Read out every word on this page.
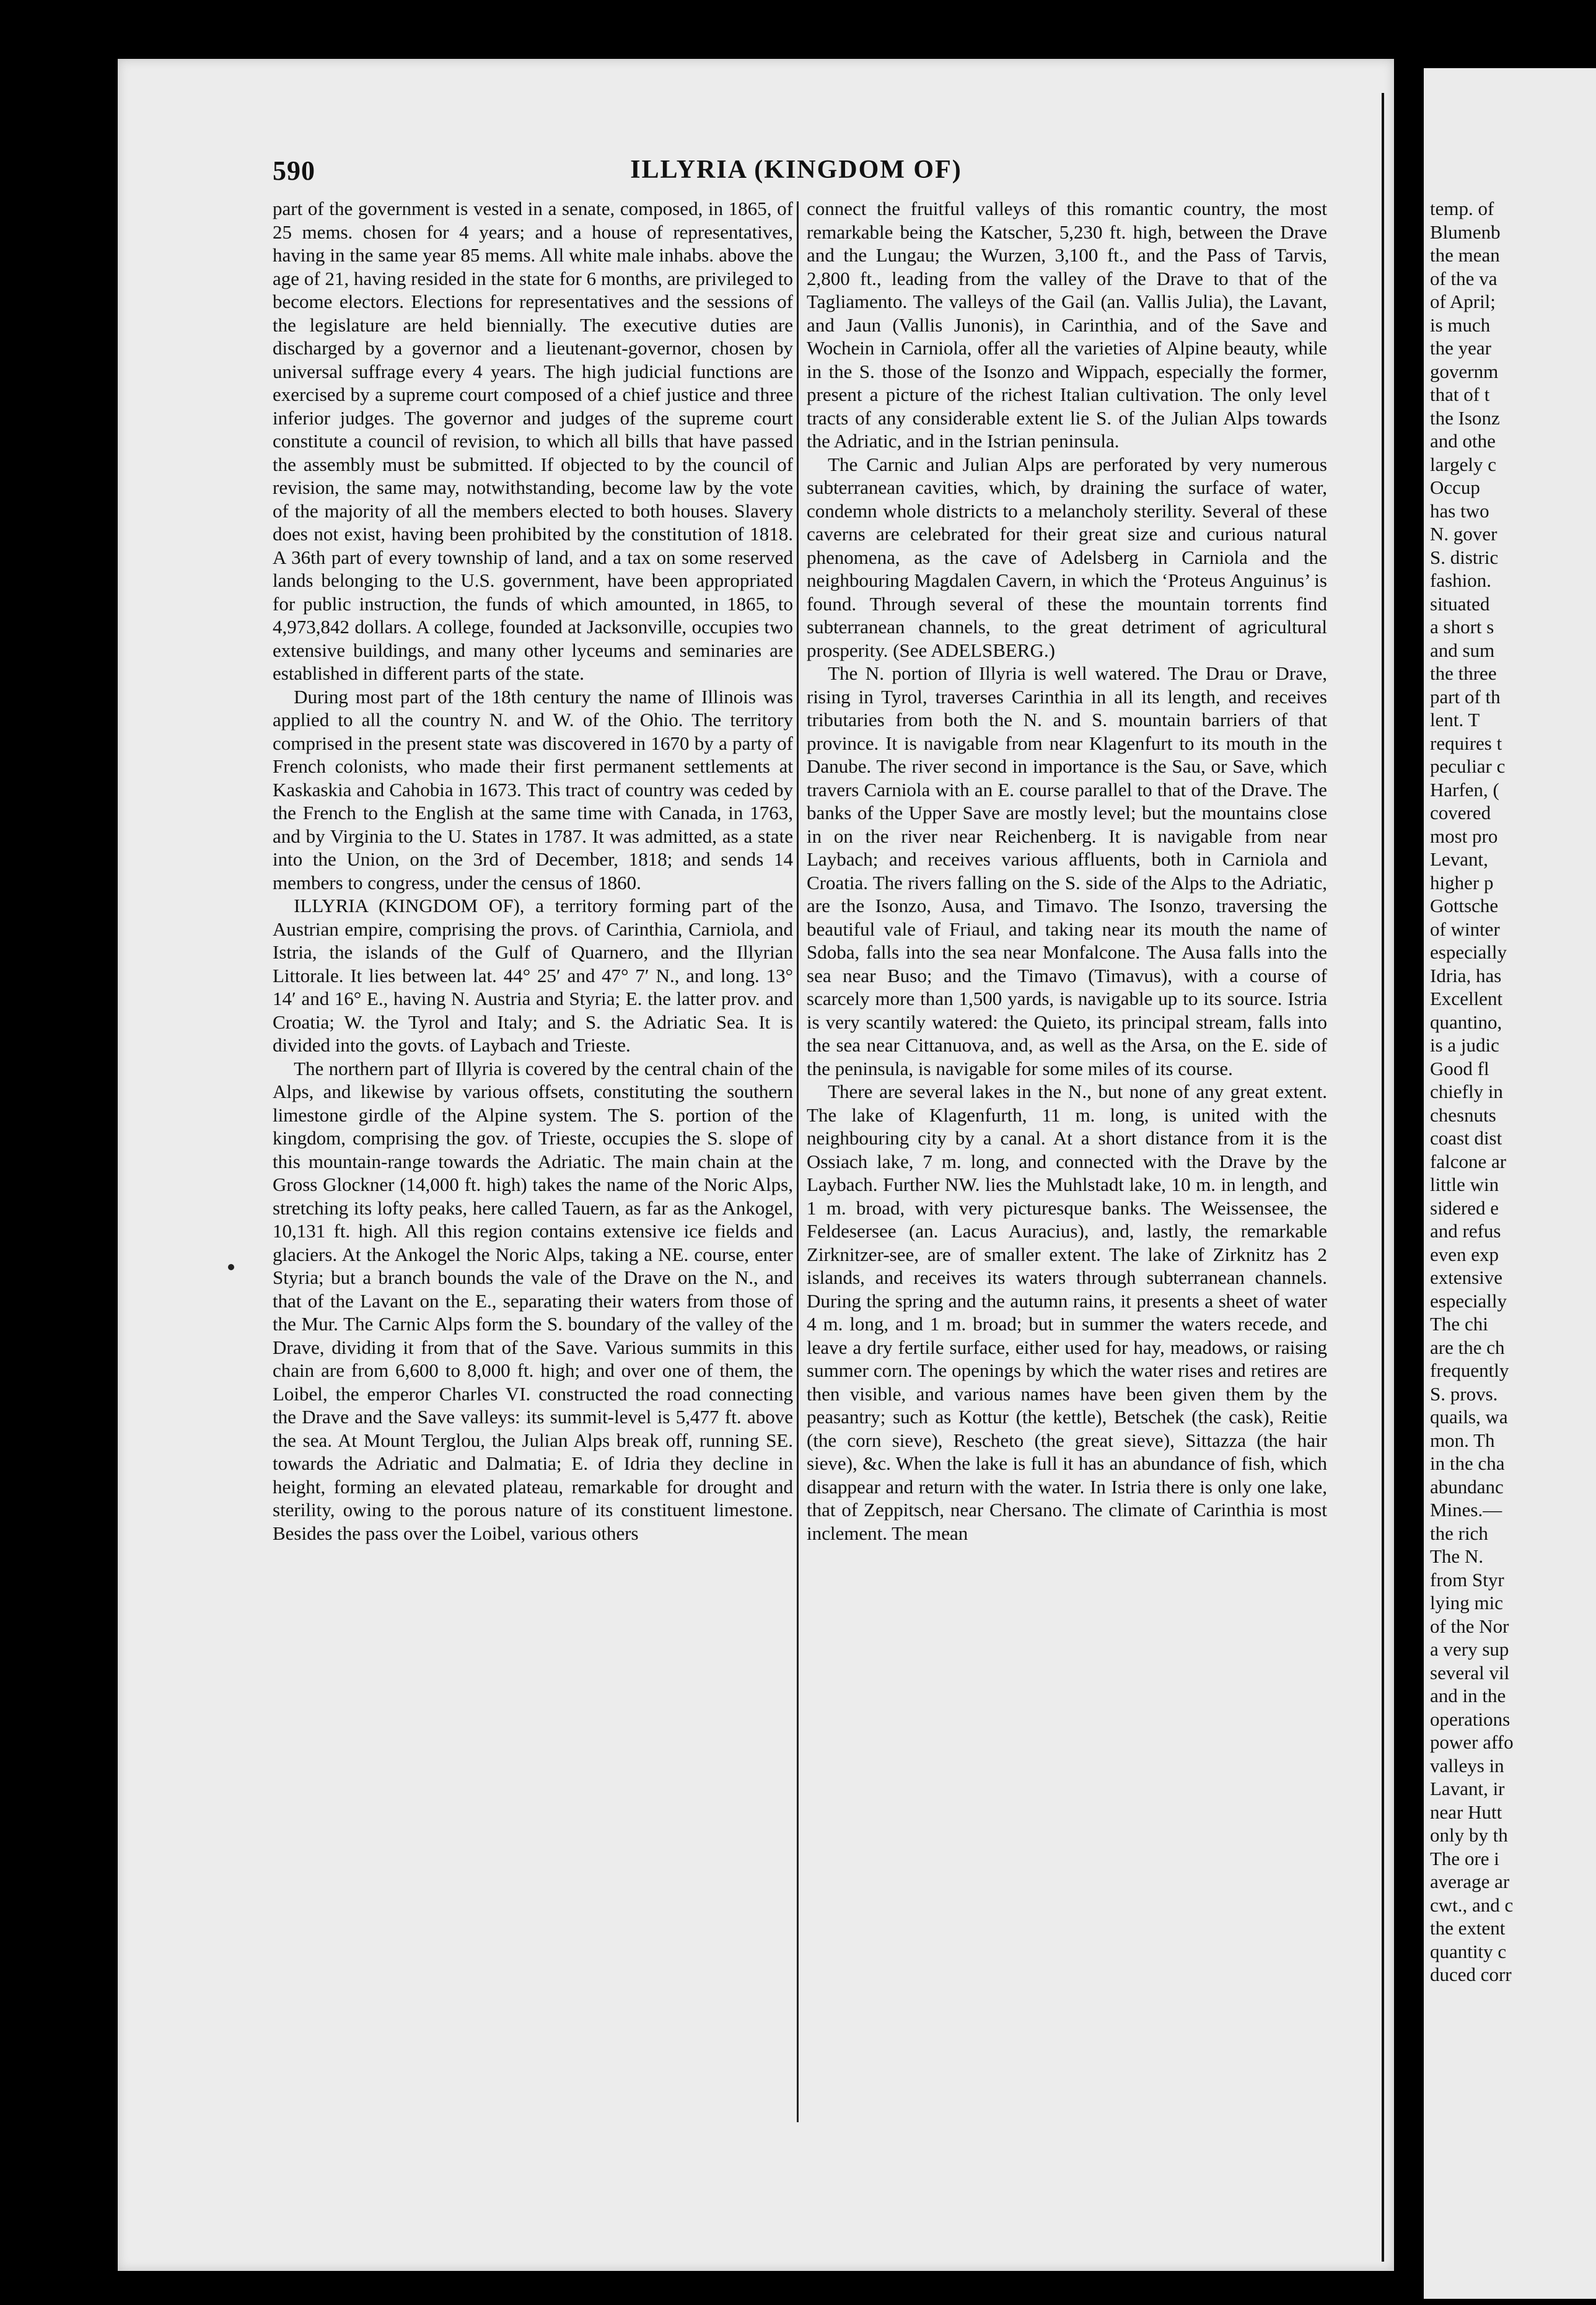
temp. of
Blumenb
the mean
of the va
of April;
is much
the year
governm
that of t
the Isonz
and othe
largely c
Occup
has two
N. gover
S. distric
fashion.
situated
a short s
and sum
the three
part of th
lent. T
requires t
peculiar c
Harfen, (
covered
most pro
Levant,
higher p
Gottsche
of winter
especially
Idria, has
Excellent
quantino,
is a judic
Good fl
chiefly in
chesnuts
coast dist
falcone ar
little win
sidered e
and refus
even exp
extensive
especially
The chi
are the ch
frequently
S. provs.
quails, wa
mon. Th
in the cha
abundanc
Mines.—
the rich
The N.
from Styr
lying mic
of the Nor
a very sup
several vil
and in the
operations
power affo
valleys in
Lavant, ir
near Hutt
only by th
The ore i
average ar
cwt., and c
the extent
quantity c
duced corr
590	ILLYRIA (KINGDOM OF)

part of the government is vested in a senate, composed, in 1865, of 25 mems. chosen for 4 years; and a house of representatives, having in the same year 85 mems. All white male inhabs. above the age of 21, having resided in the state for 6 months, are privileged to become electors. Elections for representatives and the sessions of the legislature are held biennially. The executive duties are discharged by a governor and a lieutenant-governor, chosen by universal suffrage every 4 years. The high judicial functions are exercised by a supreme court composed of a chief justice and three inferior judges. The governor and judges of the supreme court constitute a council of revision, to which all bills that have passed the assembly must be submitted. If objected to by the council of revision, the same may, notwithstanding, become law by the vote of the majority of all the members elected to both houses. Slavery does not exist, having been prohibited by the constitution of 1818. A 36th part of every township of land, and a tax on some reserved lands belonging to the U.S. government, have been appropriated for public instruction, the funds of which amounted, in 1865, to 4,973,842 dollars. A college, founded at Jacksonville, occupies two extensive buildings, and many other lyceums and seminaries are established in different parts of the state.

During most part of the 18th century the name of Illinois was applied to all the country N. and W. of the Ohio. The territory comprised in the present state was discovered in 1670 by a party of French colonists, who made their first permanent settlements at Kaskaskia and Cahobia in 1673. This tract of country was ceded by the French to the English at the same time with Canada, in 1763, and by Virginia to the U. States in 1787. It was admitted, as a state into the Union, on the 3rd of December, 1818; and sends 14 members to congress, under the census of 1860.

ILLYRIA (KINGDOM OF), a territory forming part of the Austrian empire, comprising the provs. of Carinthia, Carniola, and Istria, the islands of the Gulf of Quarnero, and the Illyrian Littorale. It lies between lat. 44° 25′ and 47° 7′ N., and long. 13° 14′ and 16° E., having N. Austria and Styria; E. the latter prov. and Croatia; W. the Tyrol and Italy; and S. the Adriatic Sea. It is divided into the govts. of Laybach and Trieste.

The northern part of Illyria is covered by the central chain of the Alps, and likewise by various offsets, constituting the southern limestone girdle of the Alpine system. The S. portion of the kingdom, comprising the gov. of Trieste, occupies the S. slope of this mountain-range towards the Adriatic. The main chain at the Gross Glockner (14,000 ft. high) takes the name of the Noric Alps, stretching its lofty peaks, here called Tauern, as far as the Ankogel, 10,131 ft. high. All this region contains extensive ice fields and glaciers. At the Ankogel the Noric Alps, taking a NE. course, enter Styria; but a branch bounds the vale of the Drave on the N., and that of the Lavant on the E., separating their waters from those of the Mur. The Carnic Alps form the S. boundary of the valley of the Drave, dividing it from that of the Save. Various summits in this chain are from 6,600 to 8,000 ft. high; and over one of them, the Loibel, the emperor Charles VI. constructed the road connecting the Drave and the Save valleys: its summit-level is 5,477 ft. above the sea. At Mount Terglou, the Julian Alps break off, running SE. towards the Adriatic and Dalmatia; E. of Idria they decline in height, forming an elevated plateau, remarkable for drought and sterility, owing to the porous nature of its constituent limestone. Besides the pass over the Loibel, various others

connect the fruitful valleys of this romantic country, the most remarkable being the Katscher, 5,230 ft. high, between the Drave and the Lungau; the Wurzen, 3,100 ft., and the Pass of Tarvis, 2,800 ft., leading from the valley of the Drave to that of the Tagliamento. The valleys of the Gail (an. Vallis Julia), the Lavant, and Jaun (Vallis Junonis), in Carinthia, and of the Save and Wochein in Carniola, offer all the varieties of Alpine beauty, while in the S. those of the Isonzo and Wippach, especially the former, present a picture of the richest Italian cultivation. The only level tracts of any considerable extent lie S. of the Julian Alps towards the Adriatic, and in the Istrian peninsula.

The Carnic and Julian Alps are perforated by very numerous subterranean cavities, which, by draining the surface of water, condemn whole districts to a melancholy sterility. Several of these caverns are celebrated for their great size and curious natural phenomena, as the cave of Adelsberg in Carniola and the neighbouring Magdalen Cavern, in which the ‘Proteus Anguinus’ is found. Through several of these the mountain torrents find subterranean channels, to the great detriment of agricultural prosperity. (See ADELSBERG.)

The N. portion of Illyria is well watered. The Drau or Drave, rising in Tyrol, traverses Carinthia in all its length, and receives tributaries from both the N. and S. mountain barriers of that province. It is navigable from near Klagenfurt to its mouth in the Danube. The river second in importance is the Sau, or Save, which travers Carniola with an E. course parallel to that of the Drave. The banks of the Upper Save are mostly level; but the mountains close in on the river near Reichenberg. It is navigable from near Laybach; and receives various affluents, both in Carniola and Croatia. The rivers falling on the S. side of the Alps to the Adriatic, are the Isonzo, Ausa, and Timavo. The Isonzo, traversing the beautiful vale of Friaul, and taking near its mouth the name of Sdoba, falls into the sea near Monfalcone. The Ausa falls into the sea near Buso; and the Timavo (Timavus), with a course of scarcely more than 1,500 yards, is navigable up to its source. Istria is very scantily watered: the Quieto, its principal stream, falls into the sea near Cittanuova, and, as well as the Arsa, on the E. side of the peninsula, is navigable for some miles of its course.

There are several lakes in the N., but none of any great extent. The lake of Klagenfurth, 11 m. long, is united with the neighbouring city by a canal. At a short distance from it is the Ossiach lake, 7 m. long, and connected with the Drave by the Laybach. Further NW. lies the Muhlstadt lake, 10 m. in length, and 1 m. broad, with very picturesque banks. The Weissensee, the Feldesersee (an. Lacus Auracius), and, lastly, the remarkable Zirknitzer-see, are of smaller extent. The lake of Zirknitz has 2 islands, and receives its waters through subterranean channels. During the spring and the autumn rains, it presents a sheet of water 4 m. long, and 1 m. broad; but in summer the waters recede, and leave a dry fertile surface, either used for hay, meadows, or raising summer corn. The openings by which the water rises and retires are then visible, and various names have been given them by the peasantry; such as Kottur (the kettle), Betschek (the cask), Reitie (the corn sieve), Rescheto (the great sieve), Sittazza (the hair sieve), &c. When the lake is full it has an abundance of fish, which disappear and return with the water. In Istria there is only one lake, that of Zeppitsch, near Chersano. The climate of Carinthia is most inclement. The mean
